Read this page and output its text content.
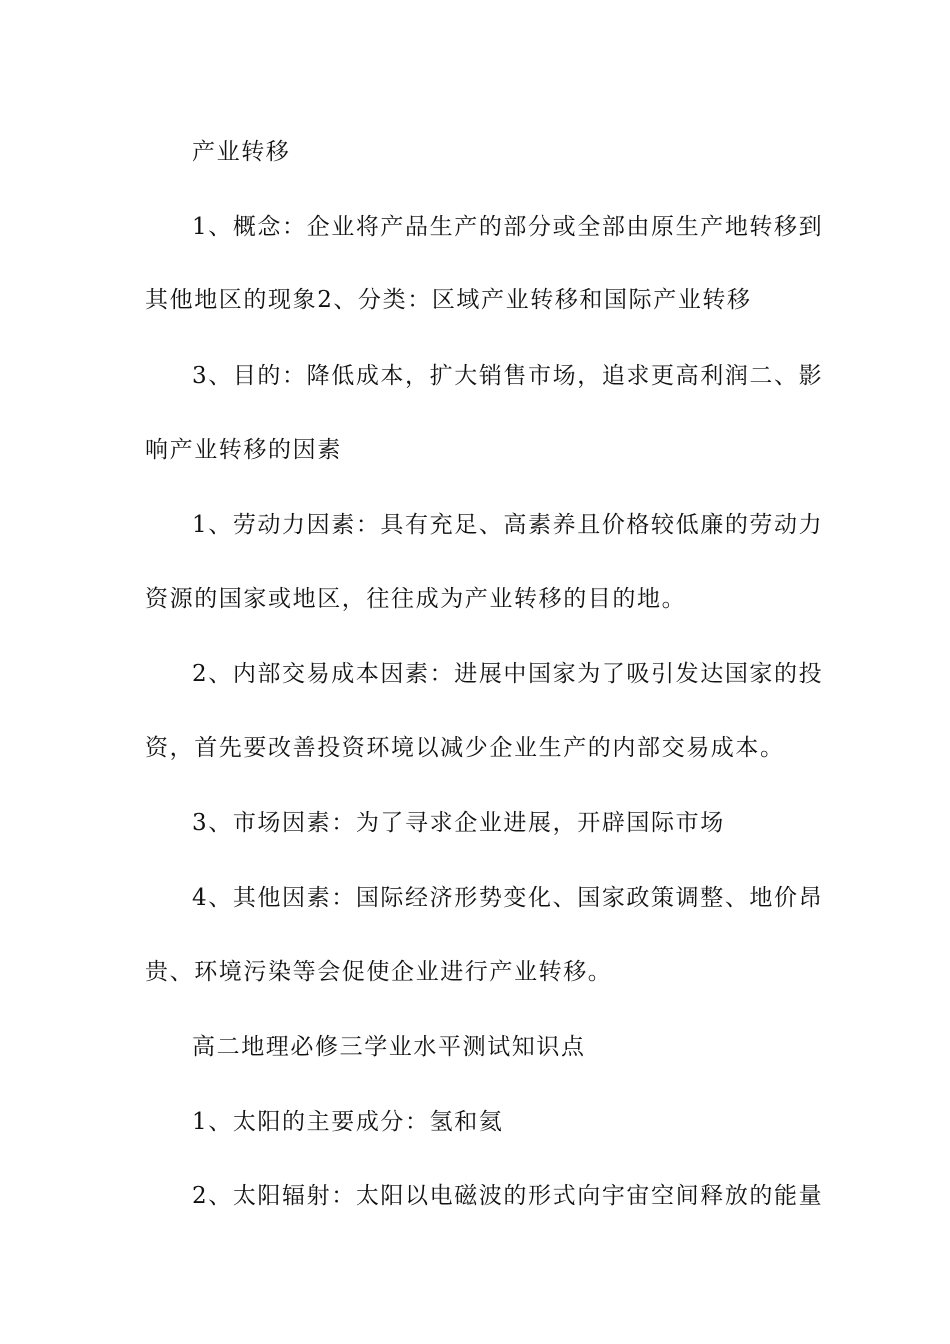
产业转移
1、概念：企业将产品生产的部分或全部由原生产地转移到
其他地区的现象2、分类：区域产业转移和国际产业转移
3、目的：降低成本，扩大销售市场，追求更高利润二、影
响产业转移的因素
1、劳动力因素：具有充足、高素养且价格较低廉的劳动力
资源的国家或地区，往往成为产业转移的目的地。
2、内部交易成本因素：进展中国家为了吸引发达国家的投
资，首先要改善投资环境以减少企业生产的内部交易成本。
3、市场因素：为了寻求企业进展，开辟国际市场
4、其他因素：国际经济形势变化、国家政策调整、地价昂
贵、环境污染等会促使企业进行产业转移。
高二地理必修三学业水平测试知识点
1、太阳的主要成分：氢和氦
2、太阳辐射：太阳以电磁波的形式向宇宙空间释放的能量
